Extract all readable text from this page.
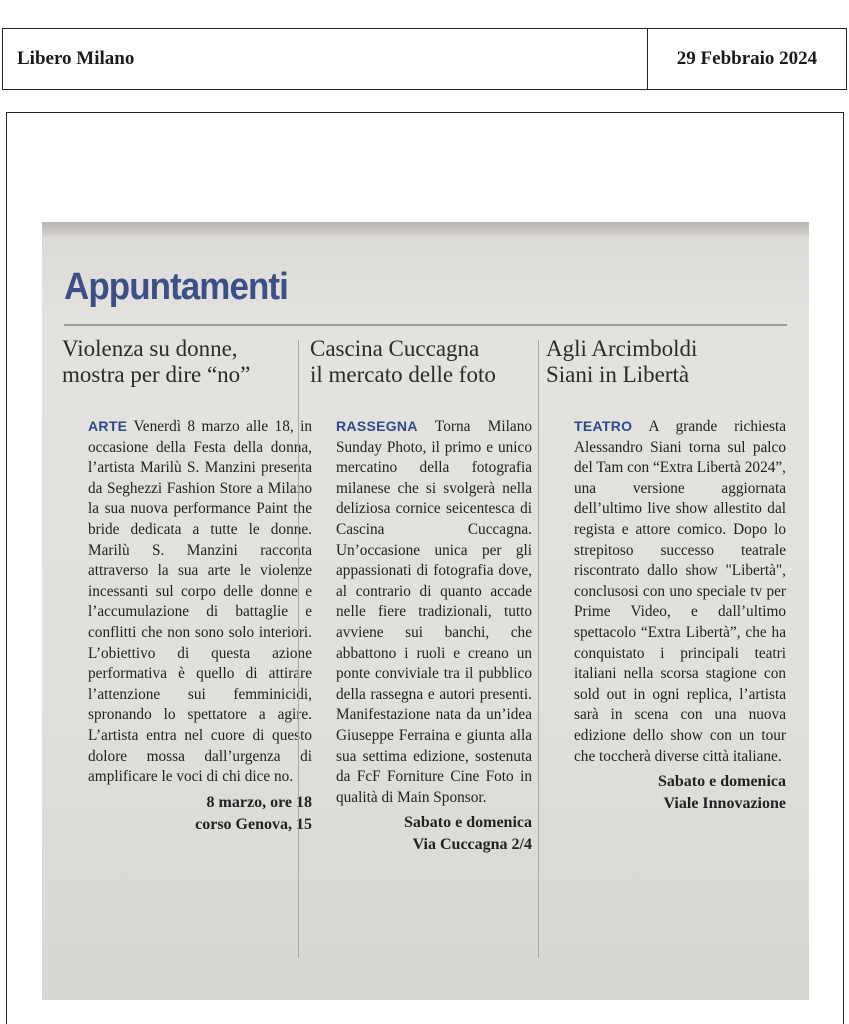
Libero Milano	29 Febbraio 2024
Appuntamenti
Violenza su donne,
mostra per dire “no”

ARTE Venerdì 8 marzo alle 18, in occasione della Festa della donna, l’artista Marilù S. Manzini presenta da Seghezzi Fashion Store a Milano la sua nuova performance Paint the bride dedicata a tutte le donne. Marilù S. Manzini racconta attraverso la sua arte le violenze incessanti sul corpo delle donne e l’accumulazione di battaglie e conflitti che non sono solo interiori. L’obiettivo di questa azione performativa è quello di attirare l’attenzione sui femminicidi, spronando lo spettatore a agire. L’artista entra nel cuore di questo dolore mossa dall’urgenza di amplificare le voci di chi dice no.

8 marzo, ore 18
corso Genova, 15
Cascina Cuccagna
il mercato delle foto

RASSEGNA Torna Milano Sunday Photo, il primo e unico mercatino della fotografia milanese che si svolgerà nella deliziosa cornice seicentesca di Cascina Cuccagna. Un’occasione unica per gli appassionati di fotografia dove, al contrario di quanto accade nelle fiere tradizionali, tutto avviene sui banchi, che abbattono i ruoli e creano un ponte conviviale tra il pubblico della rassegna e autori presenti. Manifestazione nata da un’idea Giuseppe Ferraina e giunta alla sua settima edizione, sostenuta da FcF Forniture Cine Foto in qualità di Main Sponsor.

Sabato e domenica
Via Cuccagna 2/4
Agli Arcimboldi
Siani in Libertà

TEATRO A grande richiesta Alessandro Siani torna sul palco del Tam con “Extra Libertà 2024”, una versione aggiornata dell’ultimo live show allestito dal regista e attore comico. Dopo lo strepitoso successo teatrale riscontrato dallo show "Libertà", conclusosi con uno speciale tv per Prime Video, e dall’ultimo spettacolo “Extra Libertà”, che ha conquistato i principali teatri italiani nella scorsa stagione con sold out in ogni replica, l’artista sarà in scena con una nuova edizione dello show con un tour che toccherà diverse città italiane.

Sabato e domenica
Viale Innovazione
